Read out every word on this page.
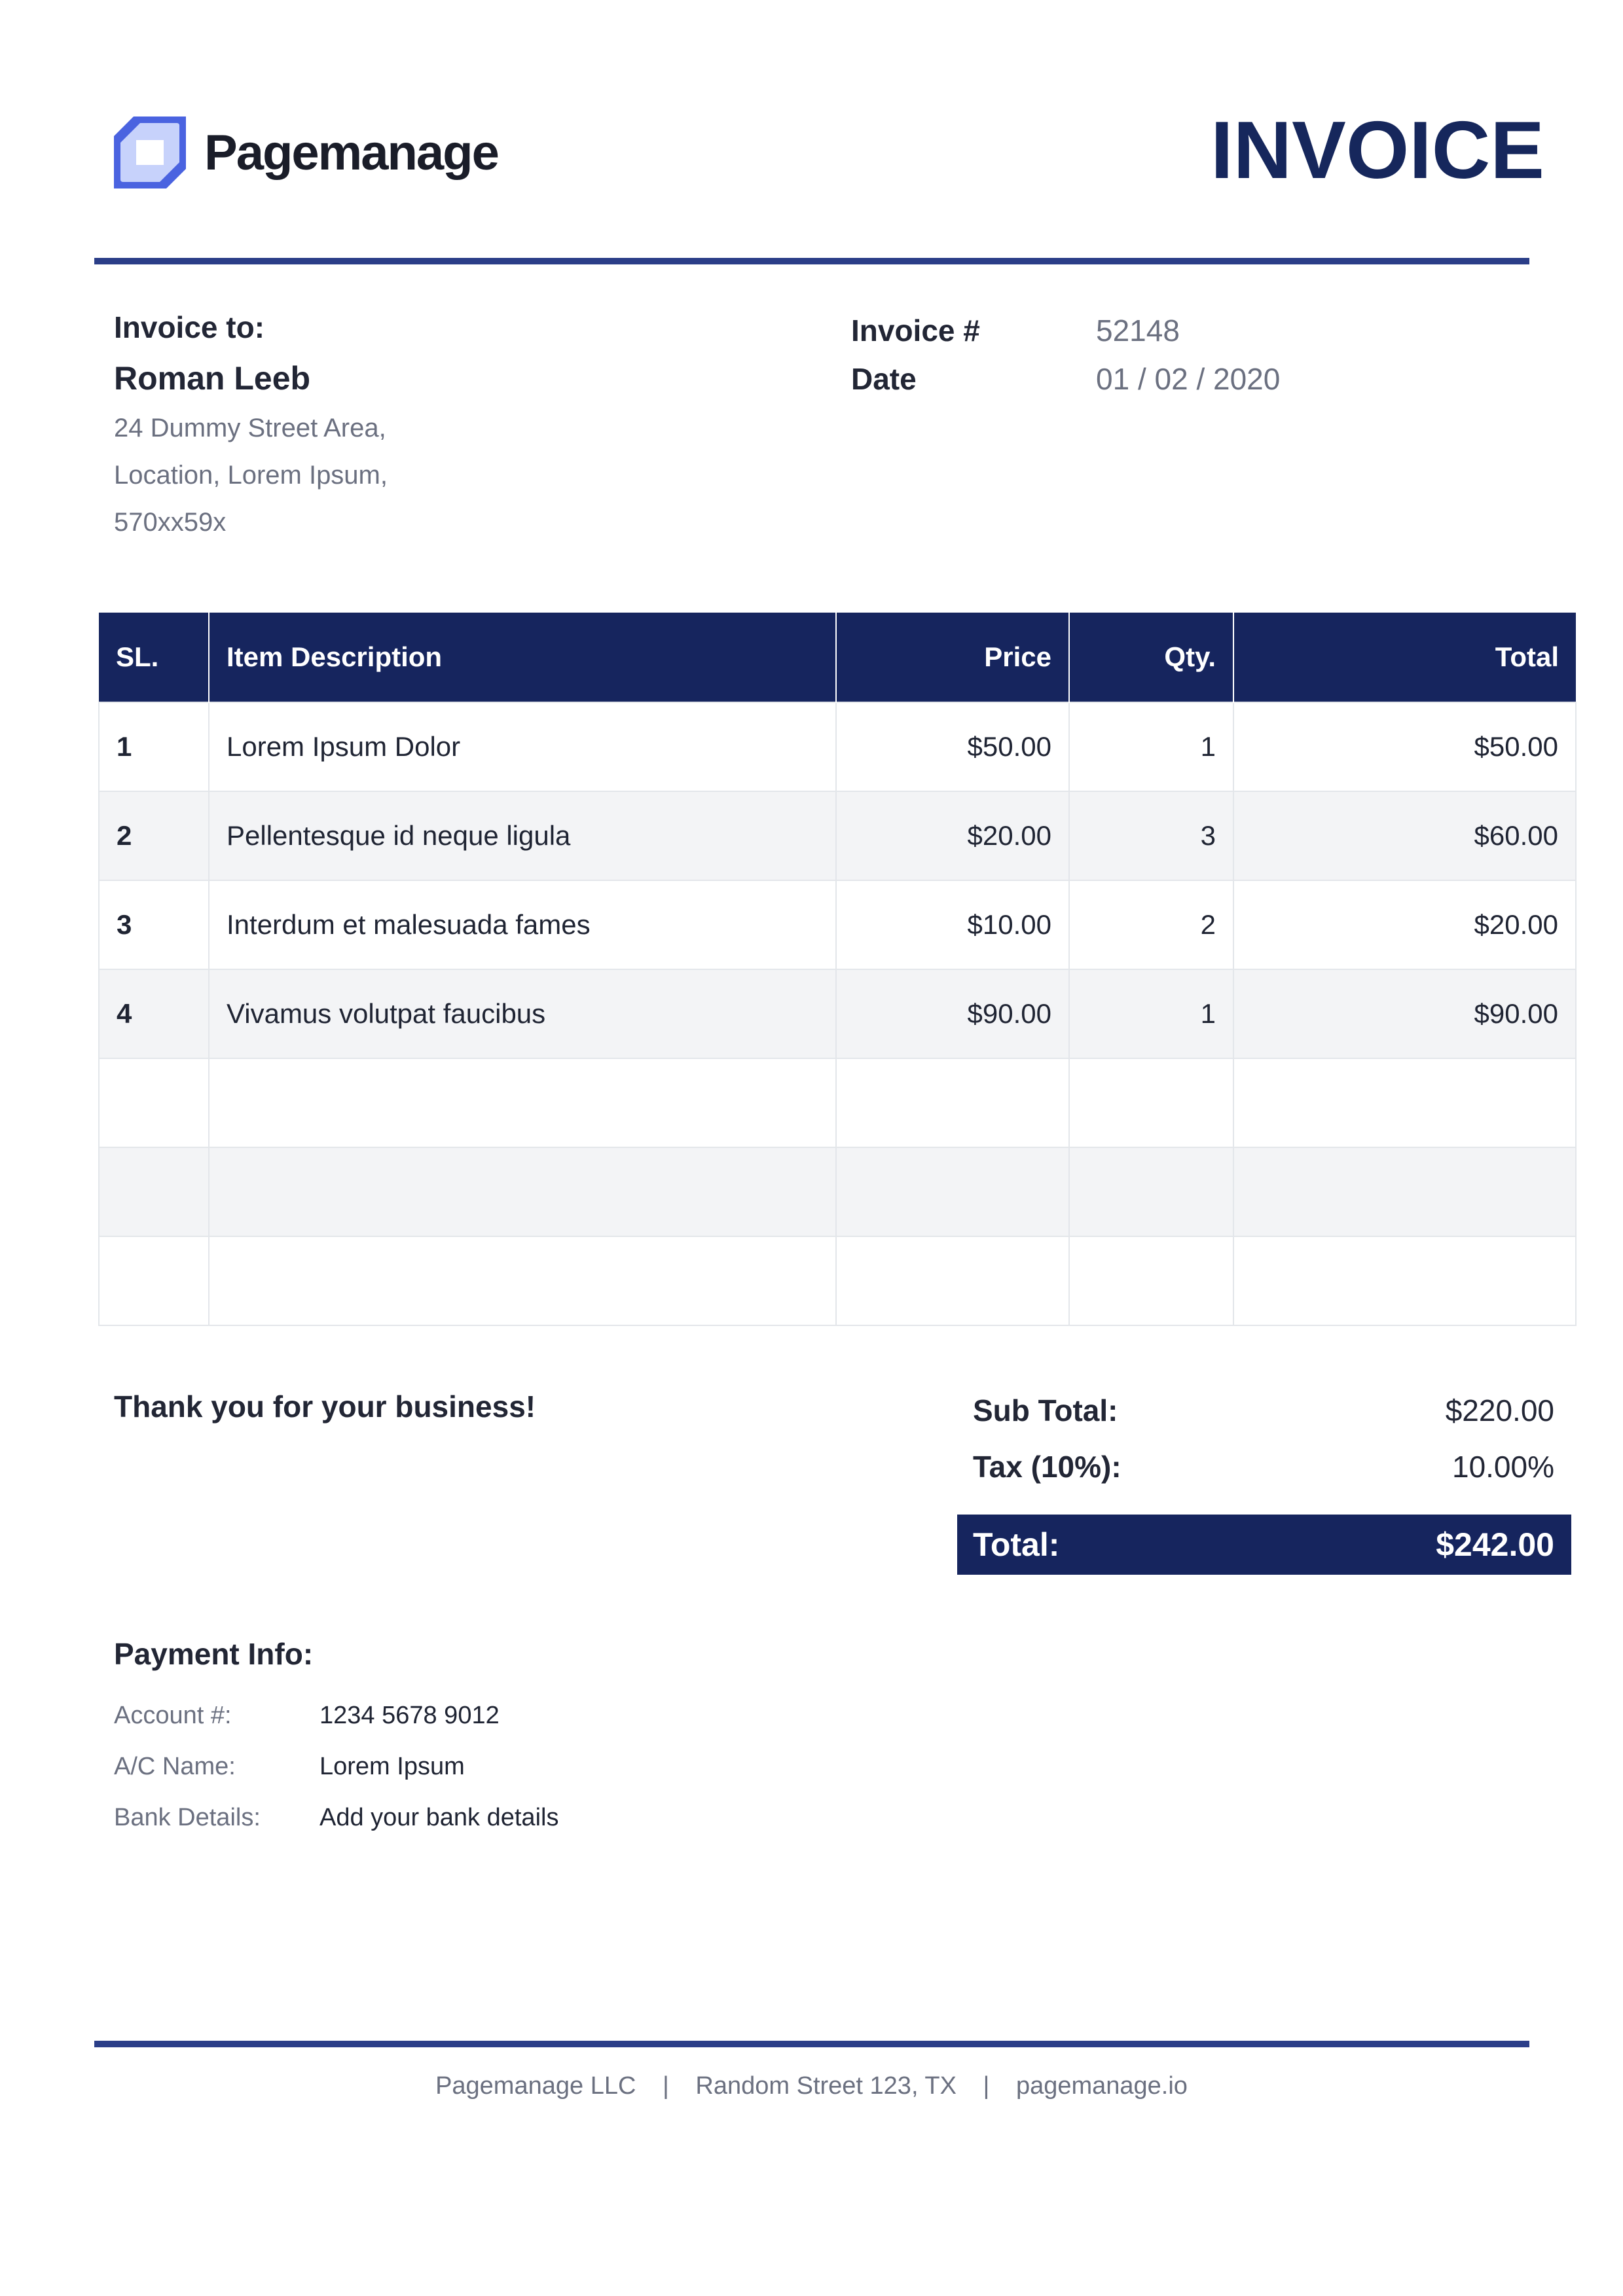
Pagemanage	INVOICE
Invoice to:
Roman Leeb
24 Dummy Street Area,
Location, Lorem Ipsum,
570xx59x
Invoice #	52148
Date	01 / 02 / 2020
SL.	Item Description	Price	Qty.	Total
1	Lorem Ipsum Dolor	$50.00	1	$50.00
2	Pellentesque id neque ligula	$20.00	3	$60.00
3	Interdum et malesuada fames	$10.00	2	$20.00
4	Vivamus volutpat faucibus	$90.00	1	$90.00

Thank you for your business!	Sub Total:	$220.00
Tax (10%):	10.00%
Total:	$242.00
Payment Info:
Account #:	1234 5678 9012
A/C Name:	Lorem Ipsum
Bank Details:	Add your bank details
Pagemanage LLC | Random Street 123, TX | pagemanage.io
